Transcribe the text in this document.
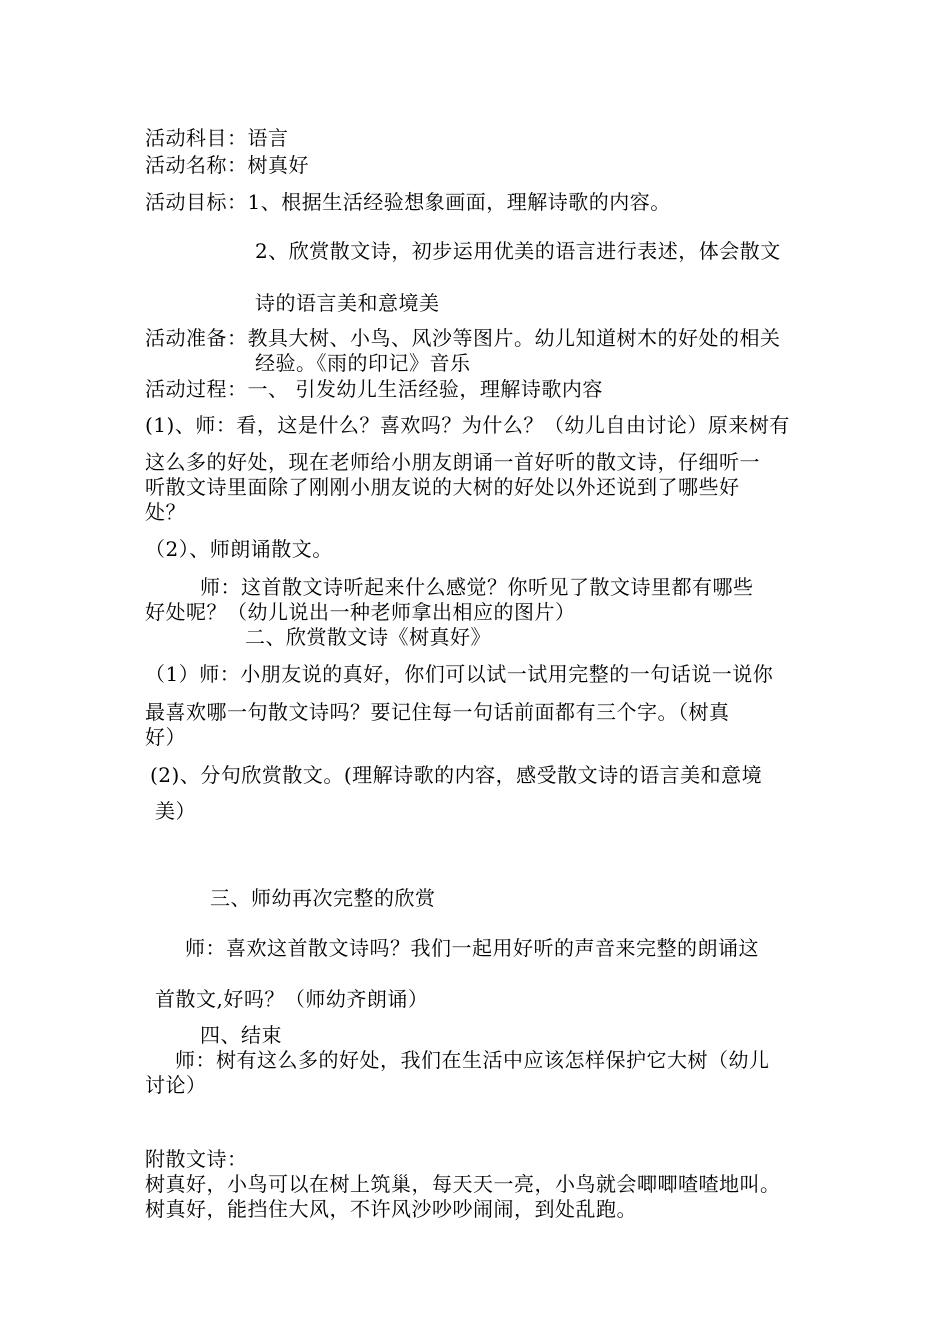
活动科目：语言
活动名称：树真好
活动目标：1、根据生活经验想象画面，理解诗歌的内容。
2、欣赏散文诗，初步运用优美的语言进行表述，体会散文
诗的语言美和意境美
活动准备：教具大树、小鸟、风沙等图片。幼儿知道树木的好处的相关
经验。《雨的印记》音乐
活动过程：一、 引发幼儿生活经验，理解诗歌内容
(1)、师：看，这是什么？喜欢吗？为什么？（幼儿自由讨论）原来树有
这么多的好处，现在老师给小朋友朗诵一首好听的散文诗，仔细听一
听散文诗里面除了刚刚小朋友说的大树的好处以外还说到了哪些好
处？
（2）、师朗诵散文。
师：这首散文诗听起来什么感觉？你听见了散文诗里都有哪些
好处呢？（幼儿说出一种老师拿出相应的图片）
二、欣赏散文诗《树真好》
（1）师：小朋友说的真好，你们可以试一试用完整的一句话说一说你
最喜欢哪一句散文诗吗？要记住每一句话前面都有三个字。（树真
好）
(2)、分句欣赏散文。(理解诗歌的内容，感受散文诗的语言美和意境
美）
三、师幼再次完整的欣赏
师：喜欢这首散文诗吗？我们一起用好听的声音来完整的朗诵这
首散文,好吗？（师幼齐朗诵）
四、结束
师：树有这么多的好处，我们在生活中应该怎样保护它大树（幼儿
讨论）
附散文诗：
树真好，小鸟可以在树上筑巢，每天天一亮，小鸟就会唧唧喳喳地叫。
树真好，能挡住大风，不许风沙吵吵闹闹，到处乱跑。
